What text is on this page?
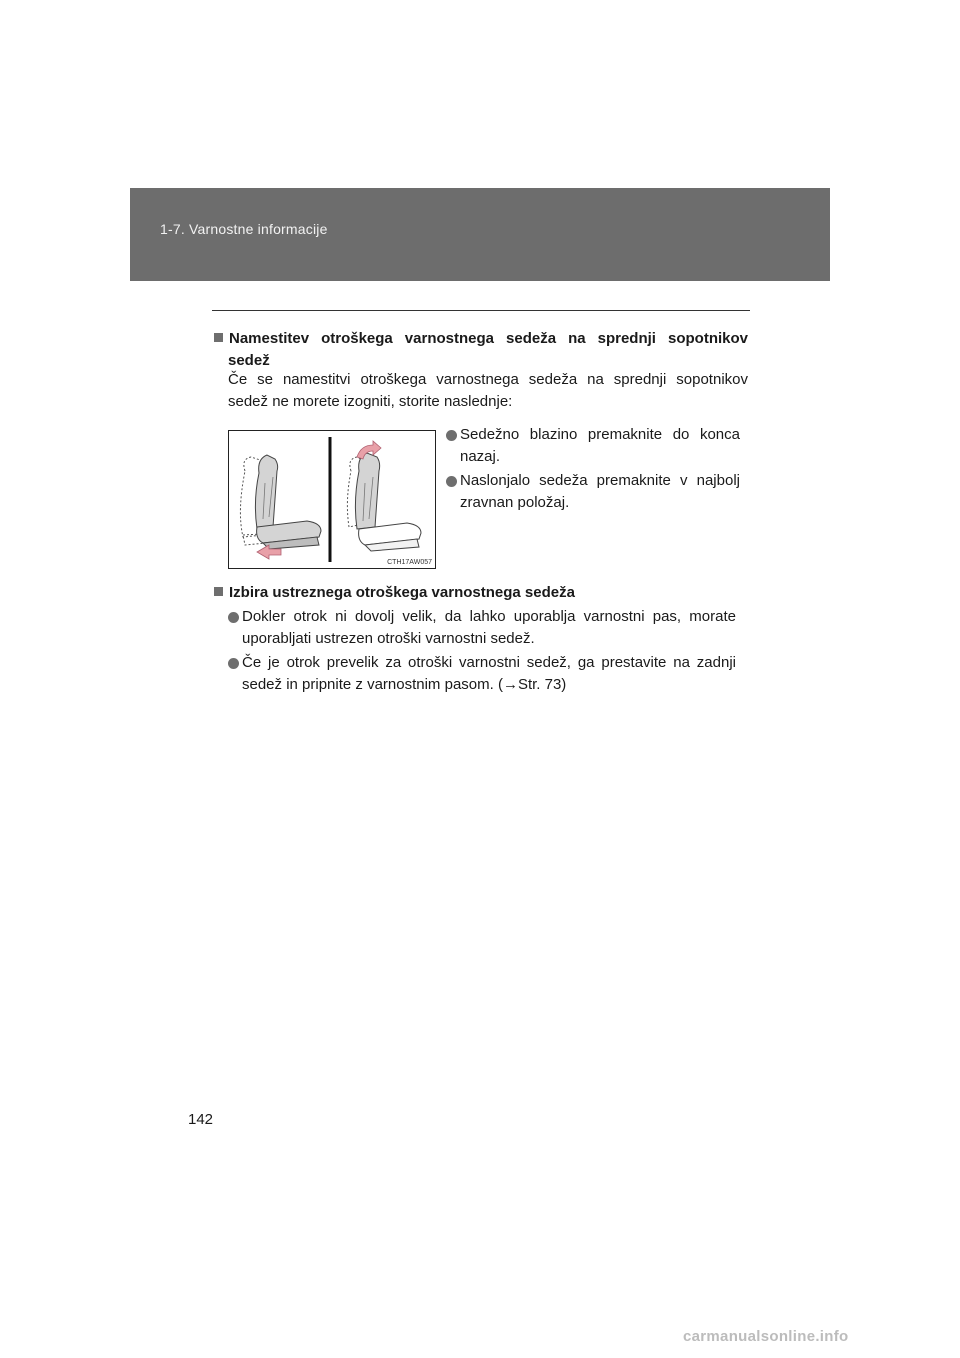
1-7. Varnostne informacije
Namestitev otroškega varnostnega sedeža na sprednji sopotnikov
sedež
Če se namestitvi otroškega varnostnega sedeža na sprednji sopotnikov
sedež ne morete izogniti, storite naslednje:
CTH17AW057
Sedežno blazino premaknite do konca
nazaj.
Naslonjalo sedeža premaknite v najbolj
zravnan položaj.
Izbira ustreznega otroškega varnostnega sedeža
Dokler otrok ni dovolj velik, da lahko uporablja varnostni pas, morate
uporabljati ustrezen otroški varnostni sedež.
Če je otrok prevelik za otroški varnostni sedež, ga prestavite na zadnji
sedež in pripnite z varnostnim pasom. (→Str. 73)
142
carmanualsonline.info
